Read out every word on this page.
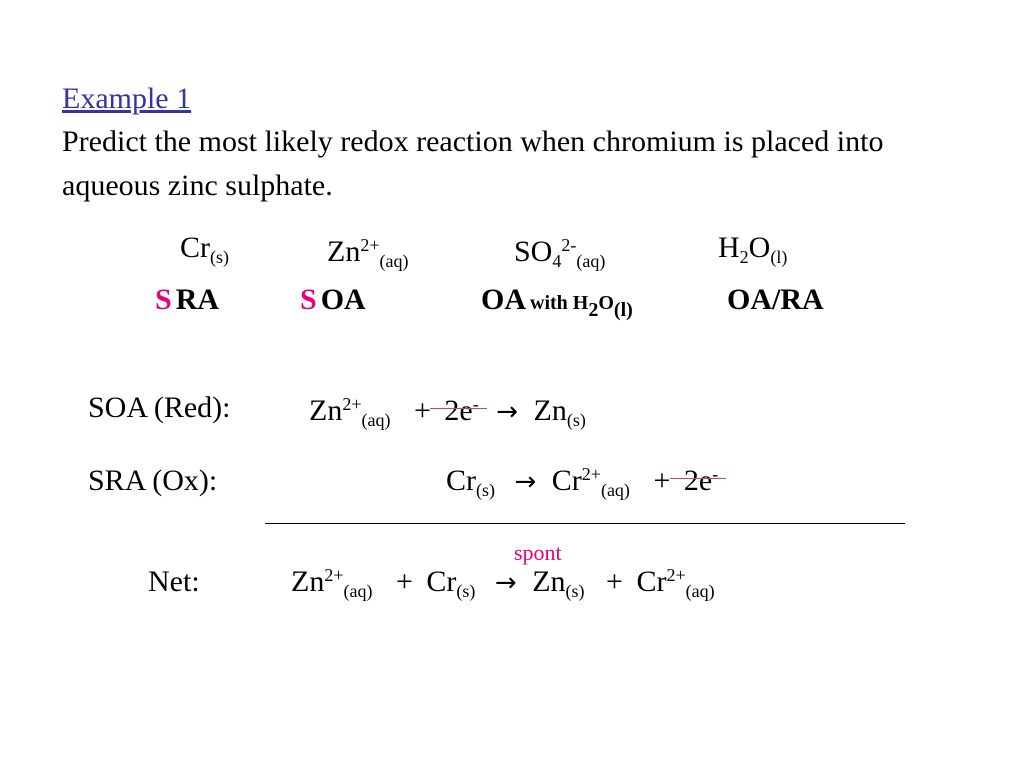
Example 1
Predict the most likely redox reaction when chromium is placed into aqueous zinc sulphate.
$Cr_{(s)}$	$Zn^{2+}_{(aq)}$	$SO_4^{2-}_{(aq)}$	$H_2O_{(l)}$
S RA	S OA	OA with $H_2O_{(l)}$	OA/RA
SOA (Red):	$Zn^{2+}_{(aq)} + 2e^- \to Zn_{(s)}$
SRA (Ox):	$Cr_{(s)} \to Cr^{2+}_{(aq)} + 2e^-$
spont
Net:	$Zn^{2+}_{(aq)} + Cr_{(s)} \to Zn_{(s)} + Cr^{2+}_{(aq)}$
